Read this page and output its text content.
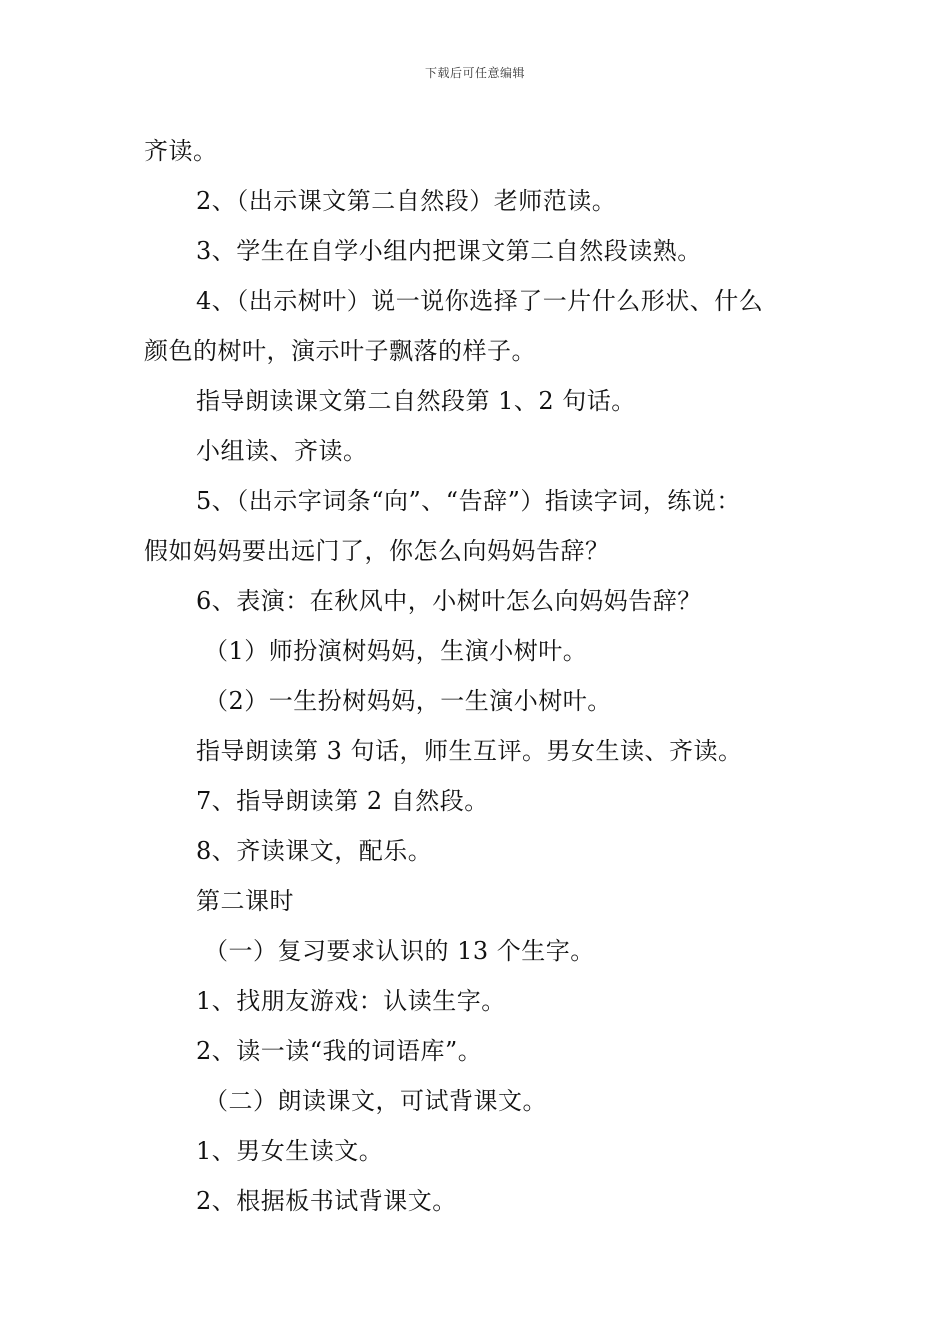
下载后可任意编辑
齐读。
2、（出示课文第二自然段）老师范读。
3、学生在自学小组内把课文第二自然段读熟。
4、（出示树叶）说一说你选择了一片什么形状、什么
颜色的树叶，演示叶子飘落的样子。
指导朗读课文第二自然段第 1、2 句话。
小组读、齐读。
5、（出示字词条“向”、“告辞”）指读字词，练说：
假如妈妈要出远门了，你怎么向妈妈告辞？
6、表演：在秋风中，小树叶怎么向妈妈告辞？
（1）师扮演树妈妈，生演小树叶。
（2）一生扮树妈妈，一生演小树叶。
指导朗读第 3 句话，师生互评。男女生读、齐读。
7、指导朗读第 2 自然段。
8、齐读课文，配乐。
第二课时
（一）复习要求认识的 13 个生字。
1、找朋友游戏：认读生字。
2、读一读“我的词语库”。
（二）朗读课文，可试背课文。
1、男女生读文。
2、根据板书试背课文。
